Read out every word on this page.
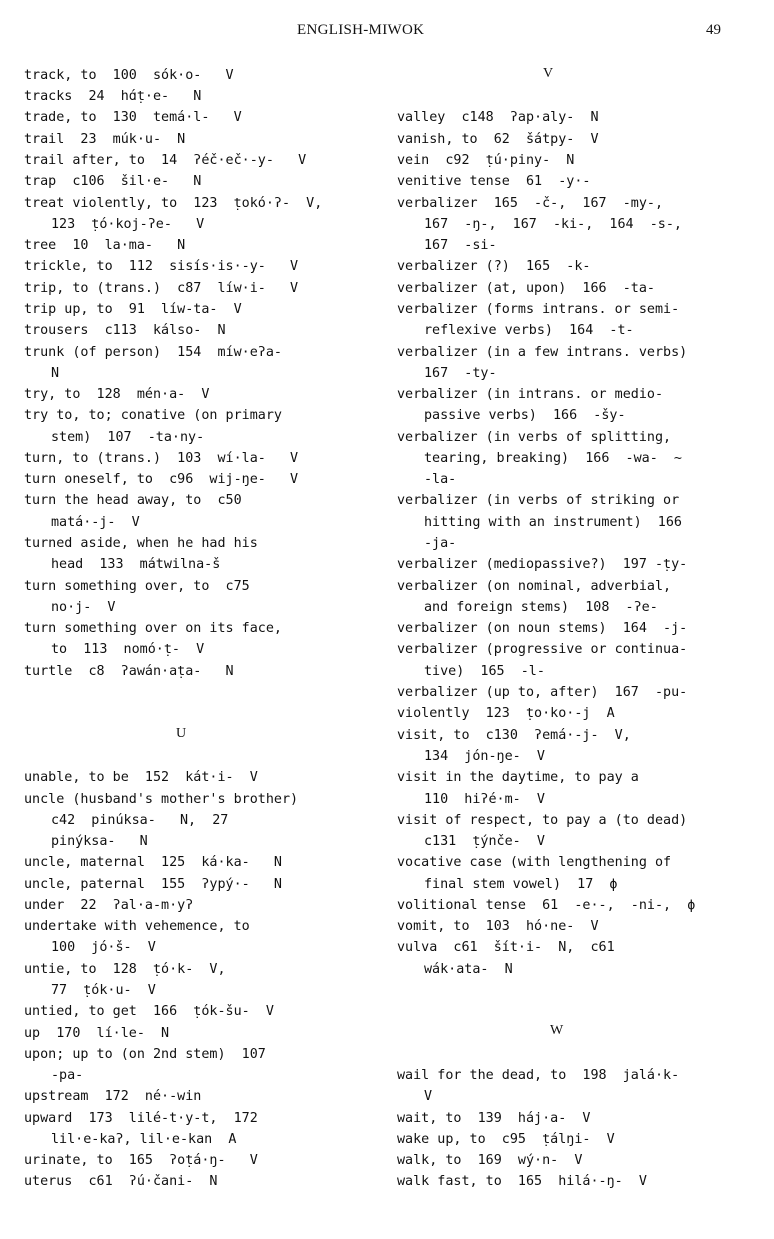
ENGLISH-MIWOK	49
track, to  100  sók·o-   V
tracks  24  hɑ́ṭ·e-   N
trade, to  130  temá·l-   V
trail  23  múk·u-  N
trail after, to  14  ʔéč·eč·-y-   V
trap  c106  šil·e-   N
treat violently, to  123  ṭokó·ʔ-  V,
123  ṭó·koj-ʔe-   V
tree  10  la·ma-   N
trickle, to  112  sisís·is·-y-   V
trip, to (trans.)  c87  líw·i-   V
trip up, to  91  líw-ta-  V
trousers  c113  kálso-  N
trunk (of person)  154  míw·eʔa-
N
try, to  128  mén·a-  V
try to, to; conative (on primary
stem)  107  -ta·ny-
turn, to (trans.)  103  wí·la-   V
turn oneself, to  c96  wij-ŋe-   V
turn the head away, to  c50
matá·-j-  V
turned aside, when he had his
head  133  mátwilna-š
turn something over, to  c75
no·j-  V
turn something over on its face,
to  113  nomó·ṭ-  V
turtle  c8  ʔawán·aṭa-   N
U
unable, to be  152  kát·i-  V
uncle (husband's mother's brother)
c42  pinúksa-   N,  27
pinýksa-   N
uncle, maternal  125  ká·ka-   N
uncle, paternal  155  ʔypý·-   N
under  22  ʔal·a-m·yʔ
undertake with vehemence, to
100  jó·š-  V
untie, to  128  ṭó·k-  V,
77  ṭók·u-  V
untied, to get  166  ṭók-šu-  V
up  170  lí·le-  N
upon; up to (on 2nd stem)  107
-pa-
upstream  172  né·-win
upward  173  lilé-t·y-t,  172
lil·e-kaʔ, lil·e-kan  A
urinate, to  165  ʔoṭá·ŋ-   V
uterus  c61  ʔú·čani-  N
V
valley  c148  ʔap·aly-  N
vanish, to  62  šátpy-  V
vein  c92  ṭú·piny-  N
venitive tense  61  -y·-
verbalizer  165  -č-,  167  -my-,
167  -ŋ-,  167  -ki-,  164  -s-,
167  -si-
verbalizer (?)  165  -k-
verbalizer (at, upon)  166  -ta-
verbalizer (forms intrans. or semi-
reflexive verbs)  164  -t-
verbalizer (in a few intrans. verbs)
167  -ty-
verbalizer (in intrans. or medio-
passive verbs)  166  -šy-
verbalizer (in verbs of splitting,
tearing, breaking)  166  -wa-  ~
-la-
verbalizer (in verbs of striking or
hitting with an instrument)  166
-ja-
verbalizer (mediopassive?)  197 -ṭy-
verbalizer (on nominal, adverbial,
and foreign stems)  108  -ʔe-
verbalizer (on noun stems)  164  -j-
verbalizer (progressive or continua-
tive)  165  -l-
verbalizer (up to, after)  167  -pu-
violently  123  ṭo·ko·-j  A
visit, to  c130  ʔemá·-j-  V,
134  jón-ŋe-  V
visit in the daytime, to pay a
110  hiʔé·m-  V
visit of respect, to pay a (to dead)
c131  ṭýnče-  V
vocative case (with lengthening of
final stem vowel)  17  ϕ
volitional tense  61  -e·-,  -ni-,  ϕ
vomit, to  103  hó·ne-  V
vulva  c61  šít·i-  N,  c61
wák·ata-  N
W
wail for the dead, to  198  jalá·k-
V
wait, to  139  háj·a-  V
wake up, to  c95  ṭálŋi-  V
walk, to  169  wý·n-  V
walk fast, to  165  hilá·-ŋ-  V
